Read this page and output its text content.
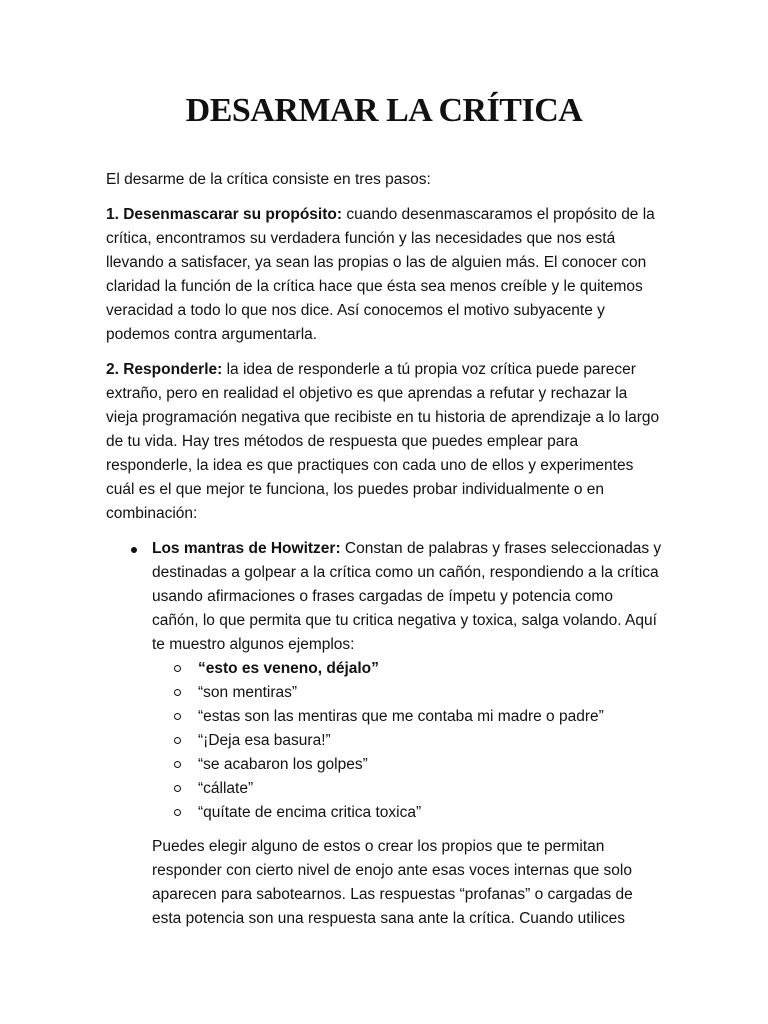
DESARMAR LA CRÍTICA

El desarme de la crítica consiste en tres pasos:

1. Desenmascarar su propósito: cuando desenmascaramos el propósito de la crítica, encontramos su verdadera función y las necesidades que nos está llevando a satisfacer, ya sean las propias o las de alguien más. El conocer con claridad la función de la crítica hace que ésta sea menos creíble y le quitemos veracidad a todo lo que nos dice. Así conocemos el motivo subyacente y podemos contra argumentarla.

2. Responderle: la idea de responderle a tú propia voz crítica puede parecer extraño, pero en realidad el objetivo es que aprendas a refutar y rechazar la vieja programación negativa que recibiste en tu historia de aprendizaje a lo largo de tu vida. Hay tres métodos de respuesta que puedes emplear para responderle, la idea es que practiques con cada uno de ellos y experimentes cuál es el que mejor te funciona, los puedes probar individualmente o en combinación:

Los mantras de Howitzer: Constan de palabras y frases seleccionadas y destinadas a golpear a la crítica como un cañón, respondiendo a la crítica usando afirmaciones o frases cargadas de ímpetu y potencia como cañón, lo que permita que tu critica negativa y toxica, salga volando. Aquí te muestro algunos ejemplos:
“esto es veneno, déjalo”
“son mentiras”
“estas son las mentiras que me contaba mi madre o padre”
“¡Deja esa basura!”
“se acabaron los golpes”
“cállate”
“quítate de encima critica toxica”

Puedes elegir alguno de estos o crear los propios que te permitan responder con cierto nivel de enojo ante esas voces internas que solo aparecen para sabotearnos. Las respuestas “profanas” o cargadas de esta potencia son una respuesta sana ante la crítica. Cuando utilices
